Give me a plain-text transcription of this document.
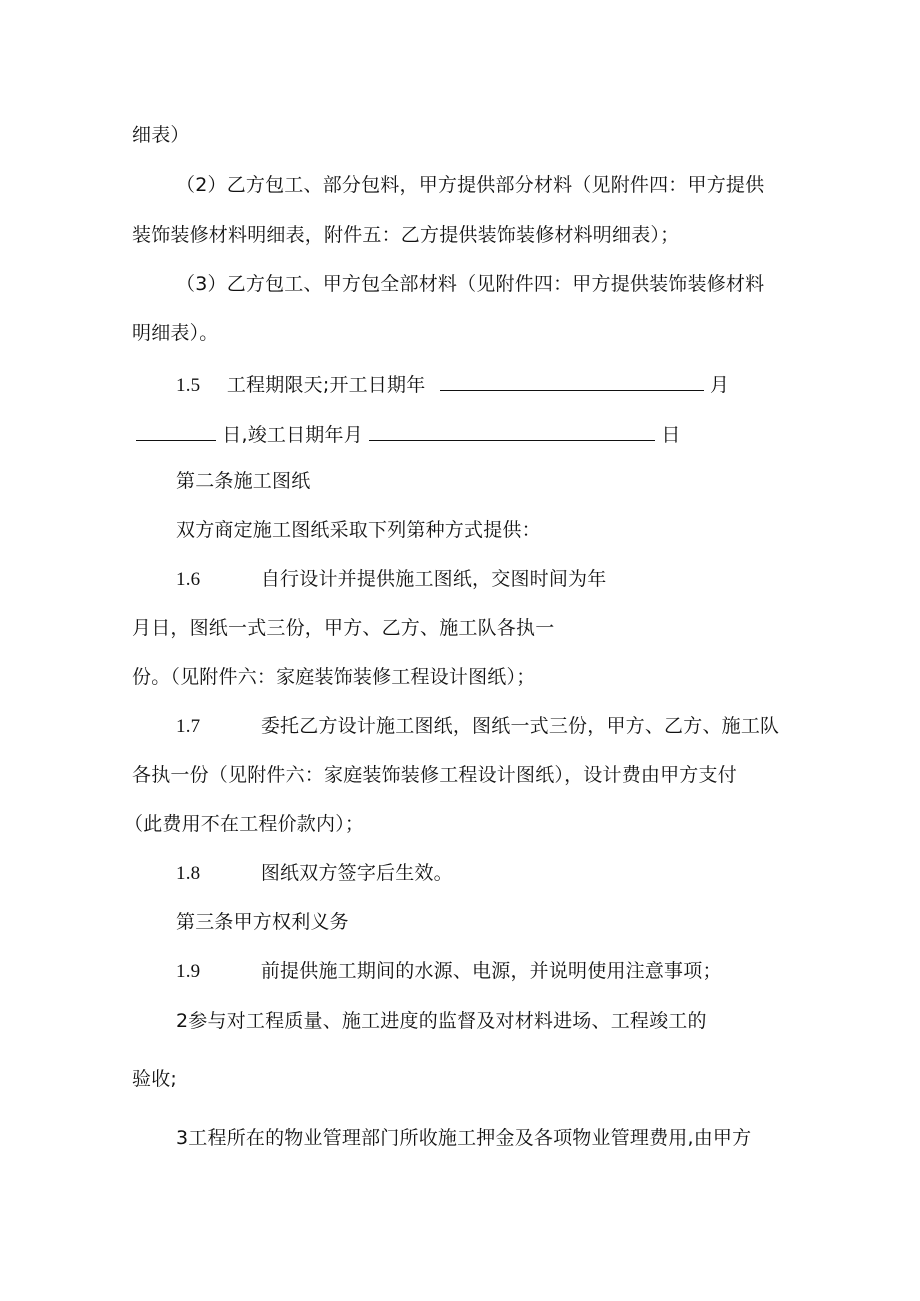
细表）
（2）乙方包工、部分包料，甲方提供部分材料（见附件四：甲方提供
装饰装修材料明细表，附件五：乙方提供装饰装修材料明细表）；
（3）乙方包工、甲方包全部材料（见附件四：甲方提供装饰装修材料
明细表）。
1.5 工程期限天;开工日期年	月
日,竣工日期年月	日
第二条施工图纸
双方商定施工图纸采取下列第种方式提供：
1.6	自行设计并提供施工图纸，交图时间为年
月日，图纸一式三份，甲方、乙方、施工队各执一
份。（见附件六：家庭装饰装修工程设计图纸）；
1.7	委托乙方设计施工图纸，图纸一式三份，甲方、乙方、施工队
各执一份（见附件六：家庭装饰装修工程设计图纸），设计费由甲方支付
（此费用不在工程价款内）；
1.8	图纸双方签字后生效。
第三条甲方权利义务
1.9	前提供施工期间的水源、电源，并说明使用注意事项；
2参与对工程质量、施工进度的监督及对材料进场、工程竣工的
验收;
3工程所在的物业管理部门所收施工押金及各项物业管理费用,由甲方
